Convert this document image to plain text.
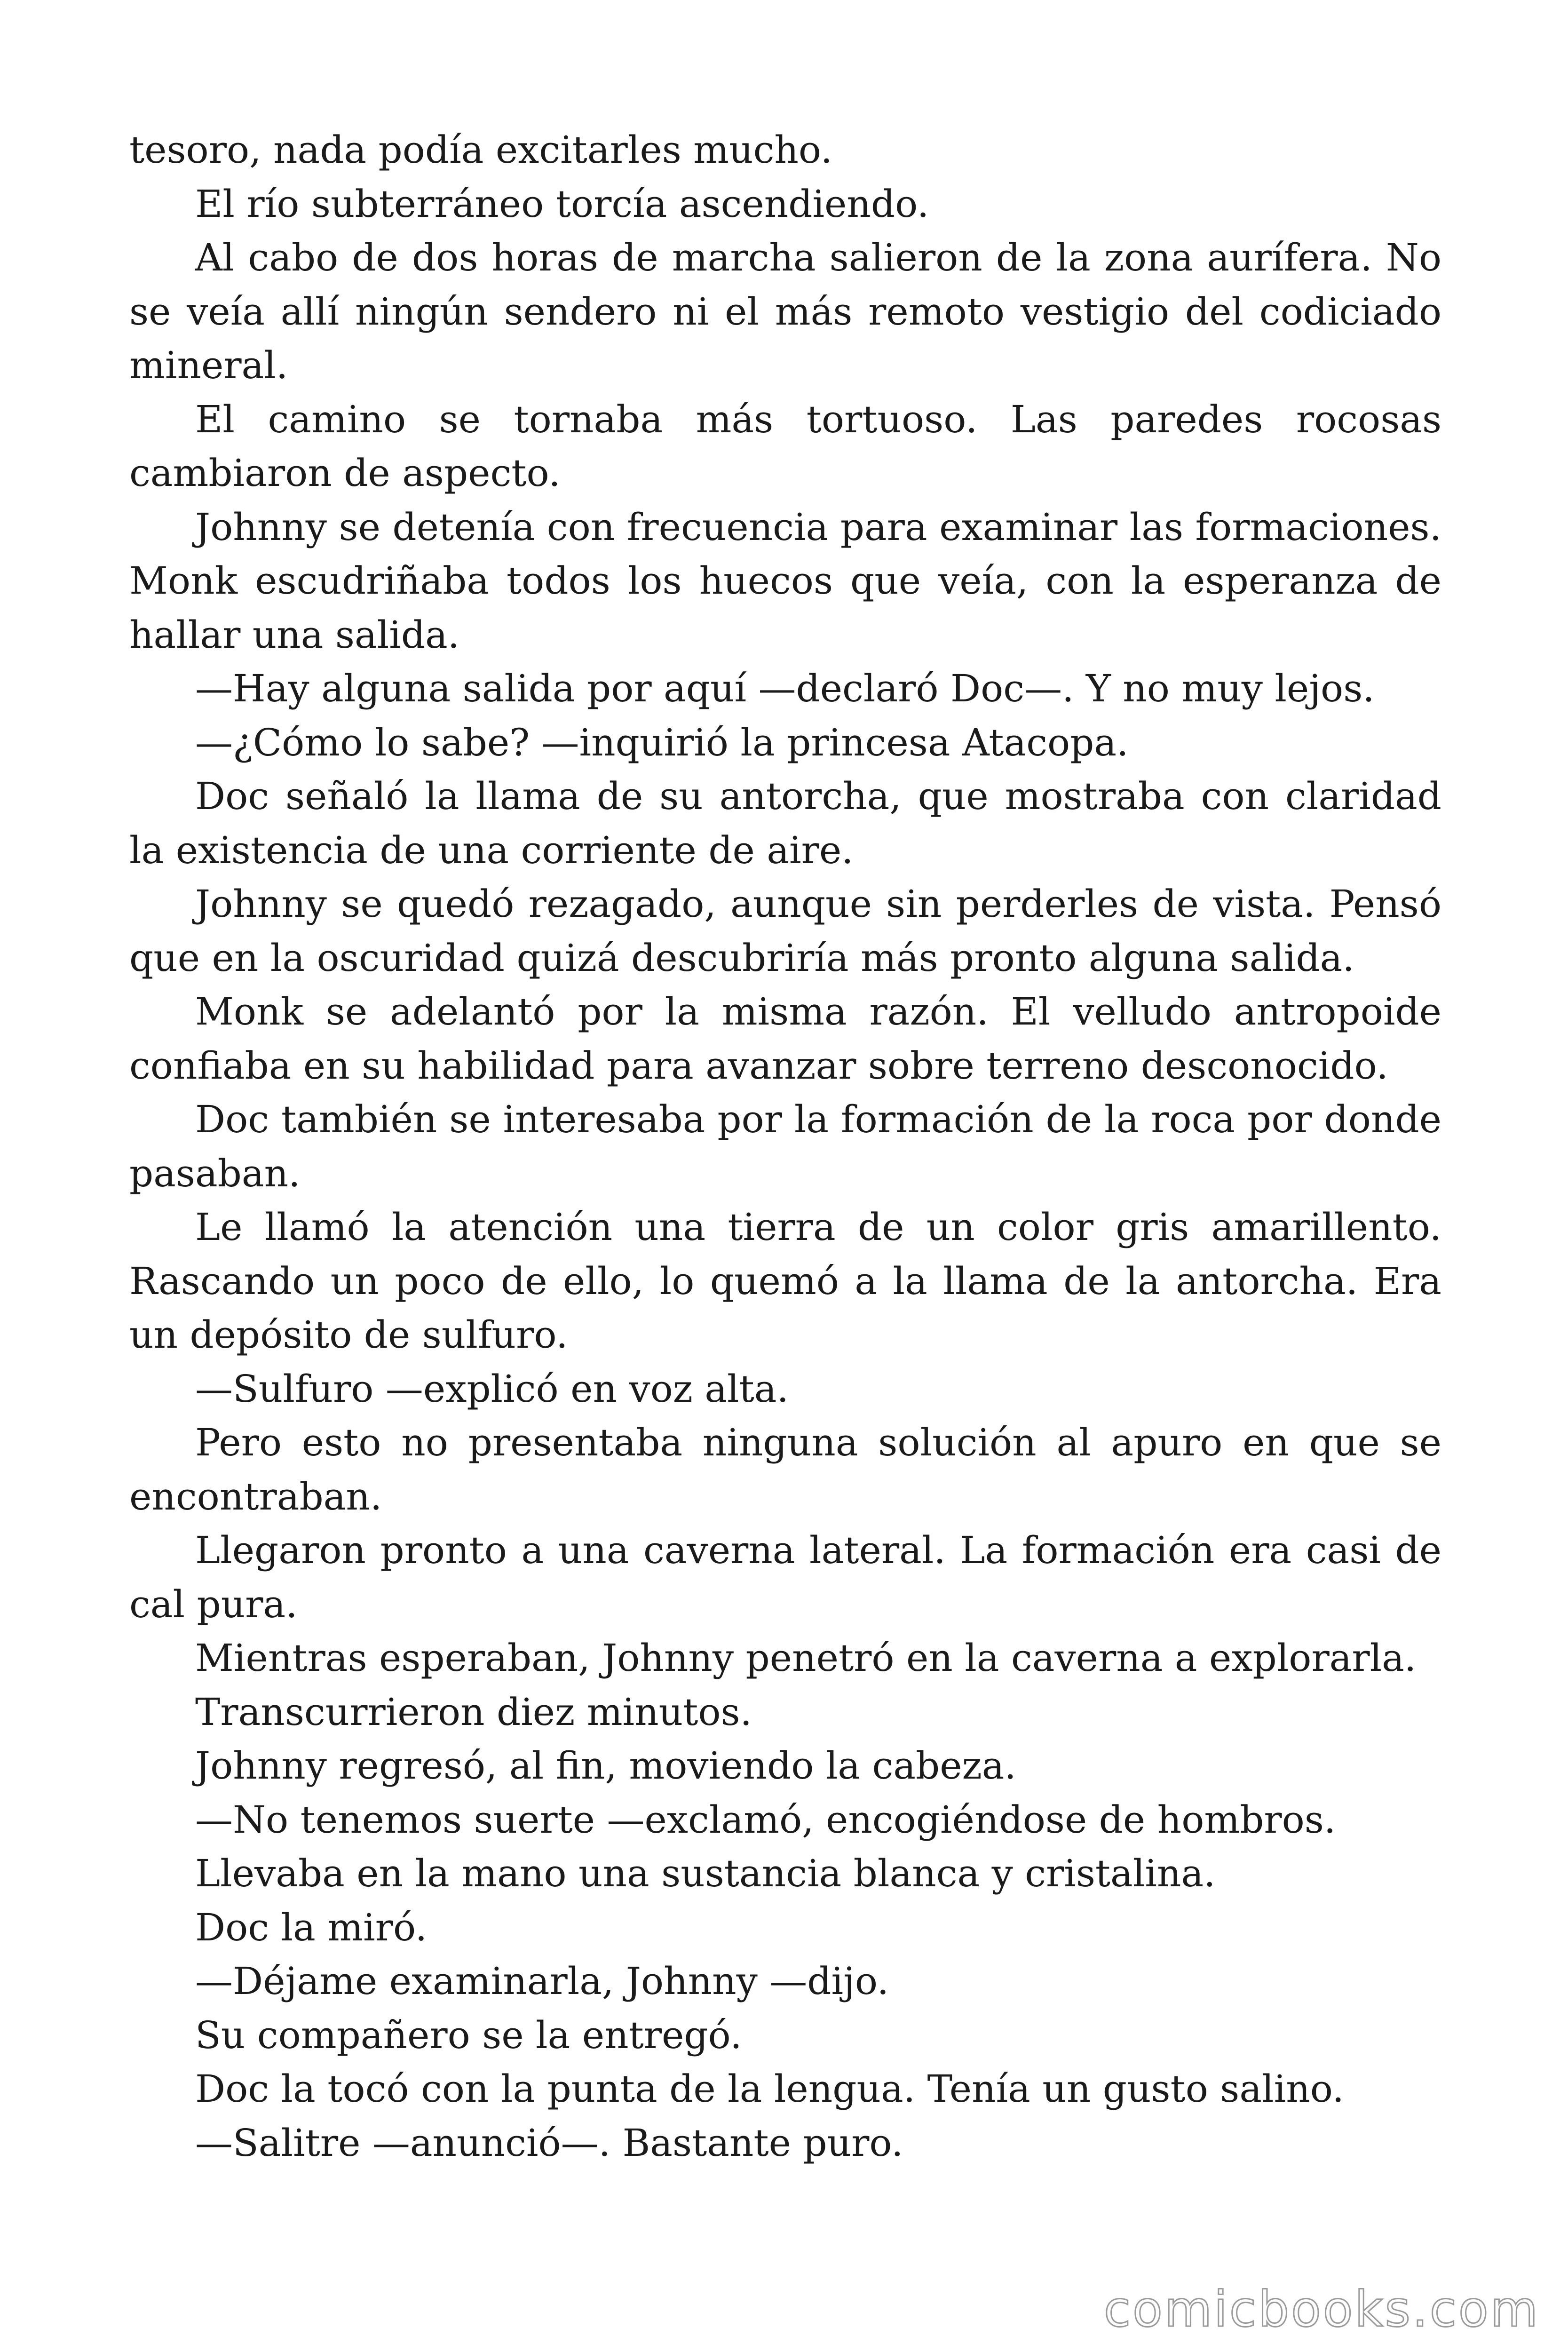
tesoro, nada podía excitarles mucho.

El río subterráneo torcía ascendiendo.

Al cabo de dos horas de marcha salieron de la zona aurífera. No se veía allí ningún sendero ni el más remoto vestigio del codiciado mineral.

El camino se tornaba más tortuoso. Las paredes rocosas cambiaron de aspecto.

Johnny se detenía con frecuencia para examinar las formaciones. Monk escudriñaba todos los huecos que veía, con la esperanza de hallar una salida.

—Hay alguna salida por aquí —declaró Doc—. Y no muy lejos.

—¿Cómo lo sabe? —inquirió la princesa Atacopa.

Doc señaló la llama de su antorcha, que mostraba con claridad la existencia de una corriente de aire.

Johnny se quedó rezagado, aunque sin perderles de vista. Pensó que en la oscuridad quizá descubriría más pronto alguna salida.

Monk se adelantó por la misma razón. El velludo antropoide confiaba en su habilidad para avanzar sobre terreno desconocido.

Doc también se interesaba por la formación de la roca por donde pasaban.

Le llamó la atención una tierra de un color gris amarillento. Rascando un poco de ello, lo quemó a la llama de la antorcha. Era un depósito de sulfuro.

—Sulfuro —explicó en voz alta.

Pero esto no presentaba ninguna solución al apuro en que se encontraban.

Llegaron pronto a una caverna lateral. La formación era casi de cal pura.

Mientras esperaban, Johnny penetró en la caverna a explorarla.

Transcurrieron diez minutos.

Johnny regresó, al fin, moviendo la cabeza.

—No tenemos suerte —exclamó, encogiéndose de hombros.

Llevaba en la mano una sustancia blanca y cristalina.

Doc la miró.

—Déjame examinarla, Johnny —dijo.

Su compañero se la entregó.

Doc la tocó con la punta de la lengua. Tenía un gusto salino.

—Salitre —anunció—. Bastante puro.

comicbooks.com
